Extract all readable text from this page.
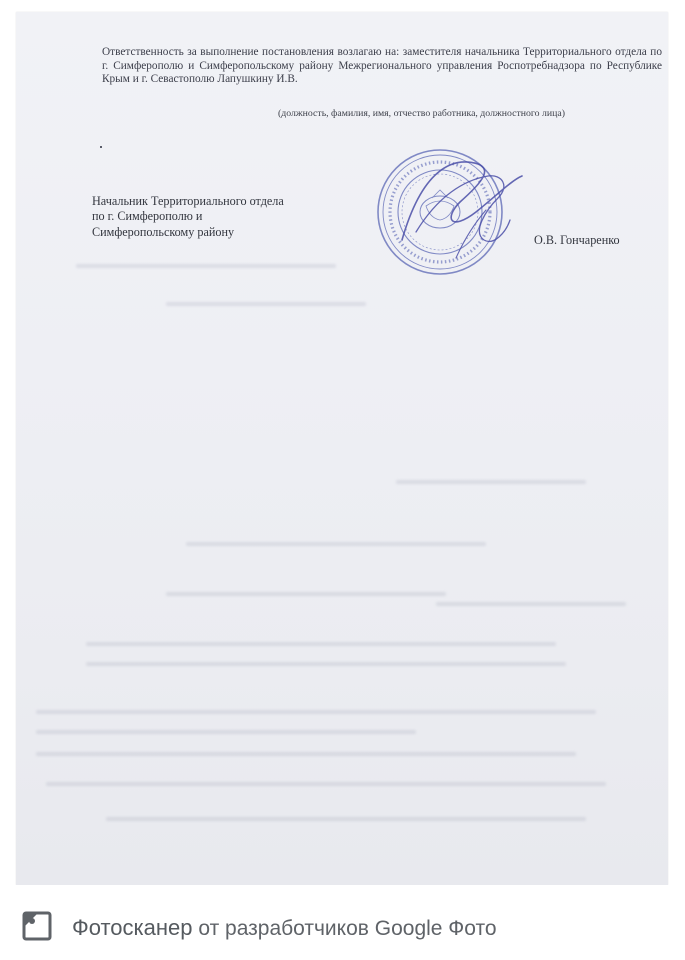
Ответственность за выполнение постановления возлагаю на: заместителя начальника Территориального отдела по г. Симферополю и Симферопольскому району Межрегионального управления Роспотребнадзора по Республике Крым и г. Севастополю Лапушкину И.В.

(должность, фамилия, имя, отчество работника, должностного лица)

Начальник Территориального отдела
по г. Симферополю и
Симферопольскому району

О.В. Гончаренко

Фотосканер от разработчиков Google Фото
